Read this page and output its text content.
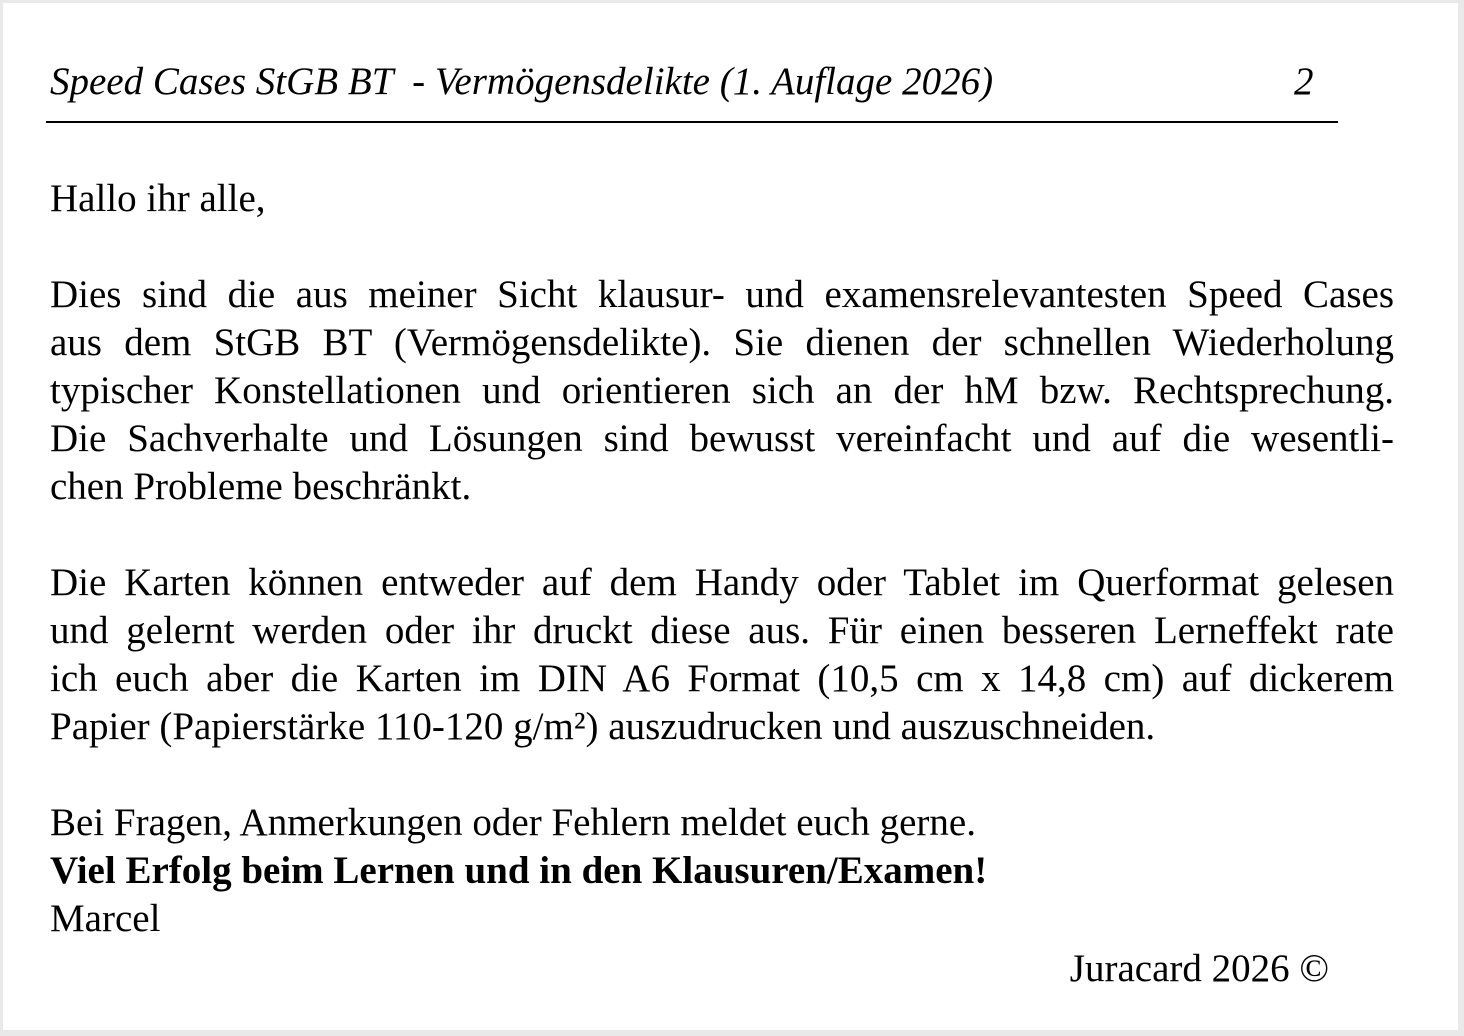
Speed Cases StGB BT  - Vermögensdelikte (1. Auflage 2026)	2
Hallo ihr alle,
Dies sind die aus meiner Sicht klausur- und examensrelevantesten Speed Cases
aus dem StGB BT (Vermögensdelikte). Sie dienen der schnellen Wiederholung
typischer Konstellationen und orientieren sich an der hM bzw. Rechtsprechung.
Die Sachverhalte und Lösungen sind bewusst vereinfacht und auf die wesentli-
chen Probleme beschränkt.
Die Karten können entweder auf dem Handy oder Tablet im Querformat gelesen
und gelernt werden oder ihr druckt diese aus. Für einen besseren Lerneffekt rate
ich euch aber die Karten im DIN A6 Format (10,5 cm x 14,8 cm) auf dickerem
Papier (Papierstärke 110-120 g/m²) auszudrucken und auszuschneiden.
Bei Fragen, Anmerkungen oder Fehlern meldet euch gerne.
Viel Erfolg beim Lernen und in den Klausuren/Examen!
Marcel
Juracard 2026 ©
